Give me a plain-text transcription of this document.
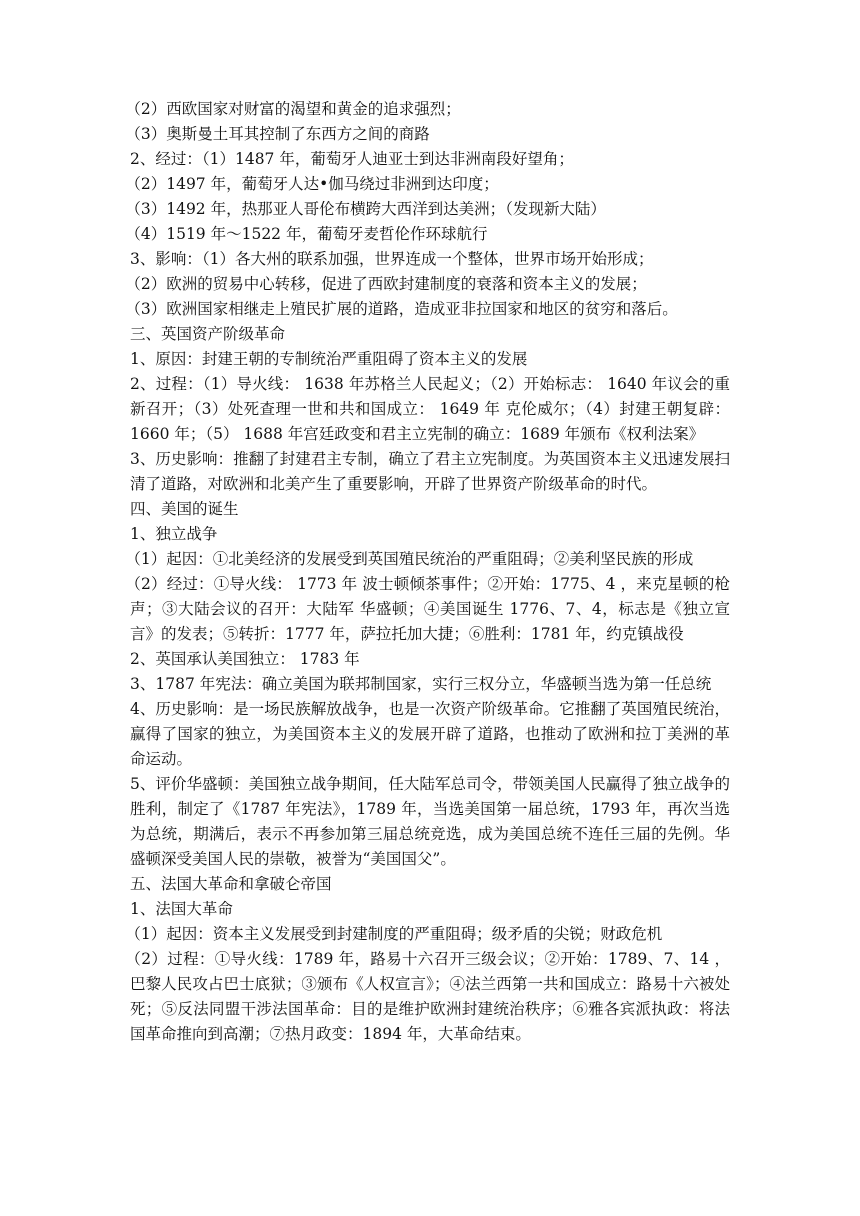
（2）西欧国家对财富的渴望和黄金的追求强烈；

（3）奥斯曼土耳其控制了东西方之间的商路

2、经过：（1）1487 年，葡萄牙人迪亚士到达非洲南段好望角；

（2）1497 年，葡萄牙人达•伽马绕过非洲到达印度；

（3）1492 年，热那亚人哥伦布横跨大西洋到达美洲；（发现新大陆）

（4）1519 年～1522 年，葡萄牙麦哲伦作环球航行

3、影响：（1）各大州的联系加强，世界连成一个整体，世界市场开始形成；

（2）欧洲的贸易中心转移，促进了西欧封建制度的衰落和资本主义的发展；

（3）欧洲国家相继走上殖民扩展的道路，造成亚非拉国家和地区的贫穷和落后。

三、英国资产阶级革命

1、原因：封建王朝的专制统治严重阻碍了资本主义的发展

2、过程：（1）导火线： 1638 年苏格兰人民起义；（2）开始标志： 1640 年议会的重新召开；（3）处死查理一世和共和国成立： 1649 年 克伦威尔；（4）封建王朝复辟： 1660 年；（5） 1688 年宫廷政变和君主立宪制的确立：1689 年颁布《权利法案》

3、历史影响：推翻了封建君主专制，确立了君主立宪制度。为英国资本主义迅速发展扫清了道路，对欧洲和北美产生了重要影响，开辟了世界资产阶级革命的时代。

四、美国的诞生

1、独立战争

（1）起因：①北美经济的发展受到英国殖民统治的严重阻碍；②美利坚民族的形成

（2）经过：①导火线： 1773 年 波士顿倾茶事件；②开始：1775、4 ，来克星顿的枪声；③大陆会议的召开：大陆军 华盛顿；④美国诞生 1776、7、4，标志是《独立宣言》的发表；⑤转折：1777 年，萨拉托加大捷；⑥胜利：1781 年，约克镇战役

2、英国承认美国独立： 1783 年

3、1787 年宪法：确立美国为联邦制国家，实行三权分立，华盛顿当选为第一任总统

4、历史影响：是一场民族解放战争，也是一次资产阶级革命。它推翻了英国殖民统治，赢得了国家的独立，为美国资本主义的发展开辟了道路，也推动了欧洲和拉丁美洲的革命运动。

5、评价华盛顿：美国独立战争期间，任大陆军总司令，带领美国人民赢得了独立战争的胜利，制定了《1787 年宪法》，1789 年，当选美国第一届总统，1793 年，再次当选为总统，期满后，表示不再参加第三届总统竞选，成为美国总统不连任三届的先例。华盛顿深受美国人民的崇敬，被誉为“美国国父”。

五、法国大革命和拿破仑帝国

1、法国大革命

（1）起因：资本主义发展受到封建制度的严重阻碍；级矛盾的尖锐；财政危机

（2）过程：①导火线：1789 年，路易十六召开三级会议；②开始：1789、7、14 ，巴黎人民攻占巴士底狱；③颁布《人权宣言》；④法兰西第一共和国成立：路易十六被处死；⑤反法同盟干涉法国革命：目的是维护欧洲封建统治秩序；⑥雅各宾派执政：将法国革命推向到高潮；⑦热月政变：1894 年，大革命结束。
